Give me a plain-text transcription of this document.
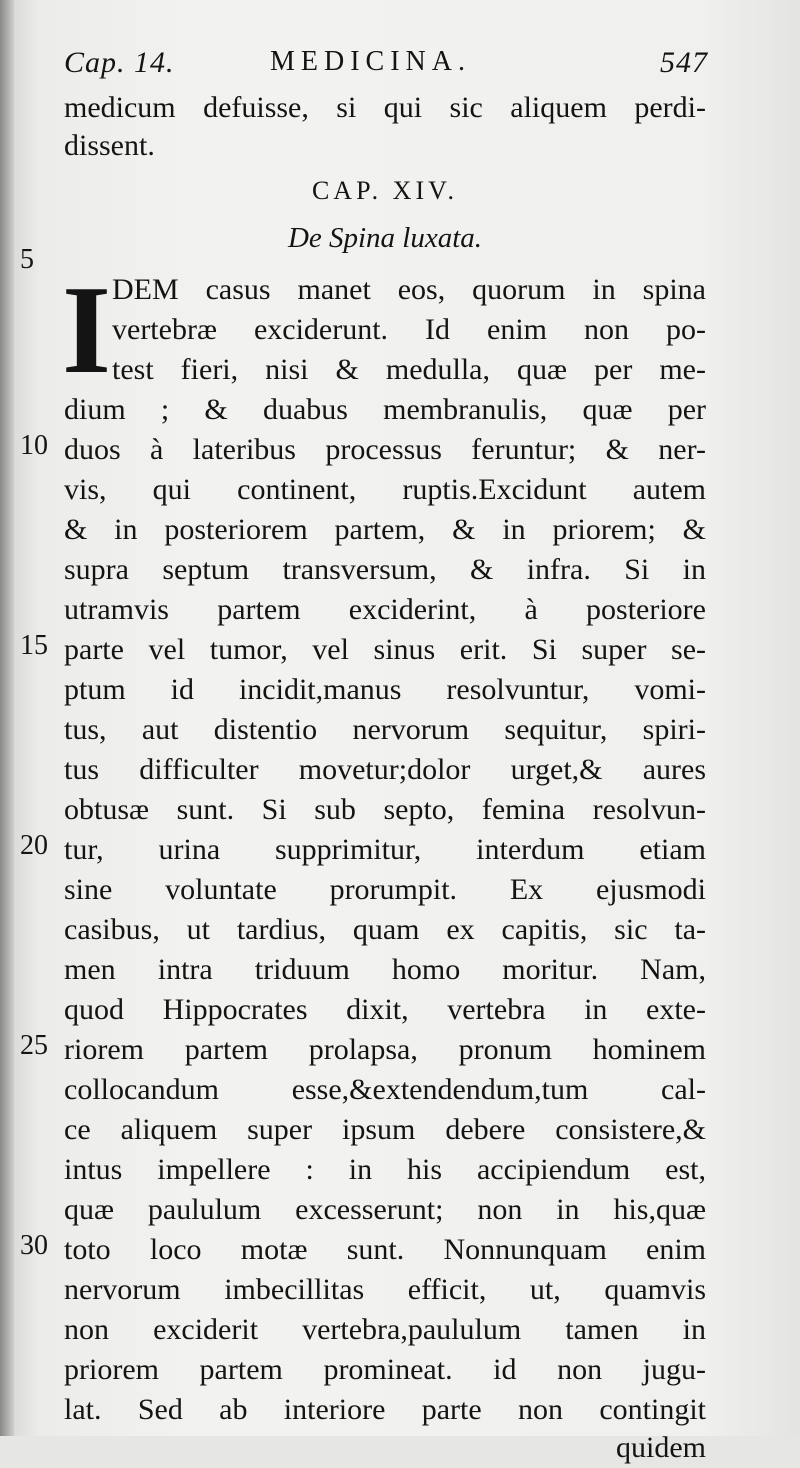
Cap. 14.	MEDICINA.	547
medicum defuisse, si qui sic aliquem perdi-
dissent.
CAP. XIV.
De Spina luxata.
5
I DEM casus manet eos, quorum in spina
vertebræ exciderunt. Id enim non po-
test fieri, nisi & medulla, quæ per me-
dium ; & duabus membranulis, quæ per
10 duos à lateribus processus feruntur; & ner-
vis, qui continent, ruptis.Excidunt autem
& in posteriorem partem, & in priorem; &
supra septum transversum, & infra. Si in
utramvis partem exciderint, à posteriore
15 parte vel tumor, vel sinus erit. Si super se-
ptum id incidit,manus resolvuntur, vomi-
tus, aut distentio nervorum sequitur, spiri-
tus difficulter movetur;dolor urget,& aures
obtusæ sunt. Si sub septo, femina resolvun-
20 tur, urina supprimitur, interdum etiam
sine voluntate prorumpit. Ex ejusmodi
casibus, ut tardius, quam ex capitis, sic ta-
men intra triduum homo moritur. Nam,
quod Hippocrates dixit, vertebra in exte-
25 riorem partem prolapsa, pronum hominem
collocandum esse,&extendendum,tum cal-
ce aliquem super ipsum debere consistere,&
intus impellere : in his accipiendum est,
quæ paululum excesserunt; non in his,quæ
30 toto loco motæ sunt. Nonnunquam enim
nervorum imbecillitas efficit, ut, quamvis
non exciderit vertebra,paululum tamen in
priorem partem promineat. id non jugu-
lat. Sed ab interiore parte non contingit
quidem
